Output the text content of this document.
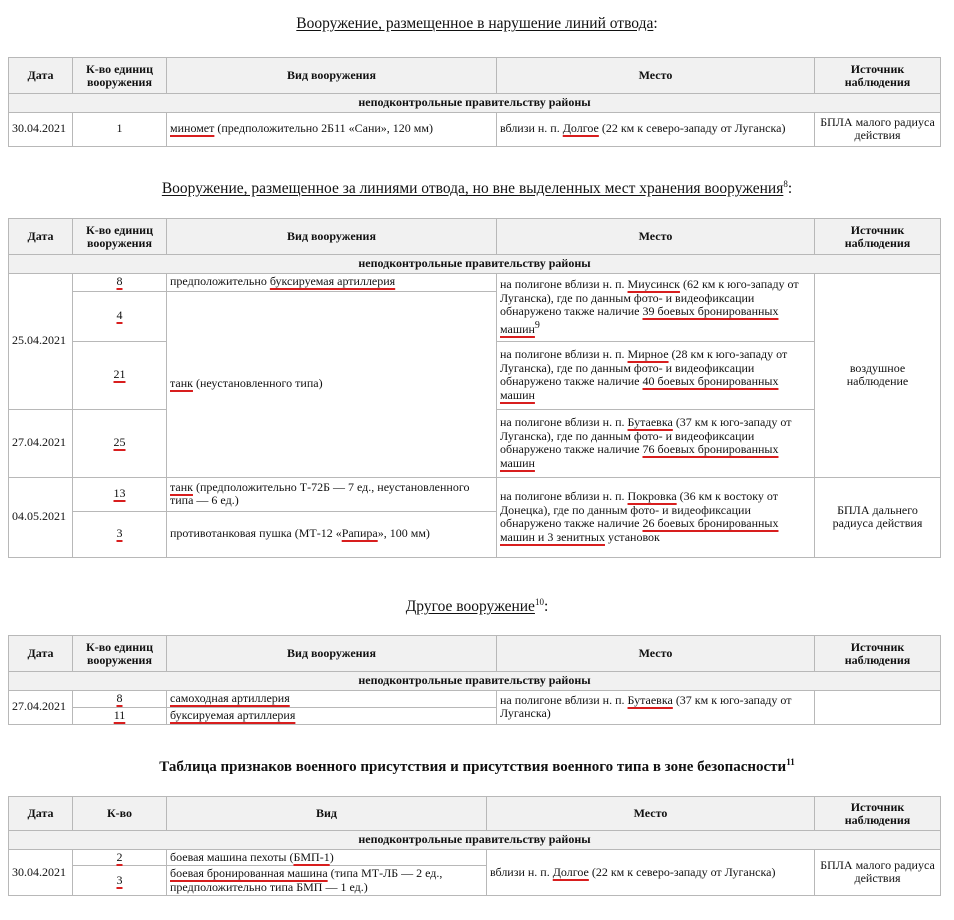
Вооружение, размещенное в нарушение линий отвода:

Дата	К-во единиц вооружения	Вид вооружения	Место	Источник наблюдения
неподконтрольные правительству районы				
30.04.2021	1	миномет (предположительно 2Б11 «Сани», 120 мм)	вблизи н. п. Долгое (22 км к северо-западу от Луганска)	БПЛА малого радиуса действия

Вооружение, размещенное за линиями отвода, но вне выделенных мест хранения вооружения$^8$:

Дата	К-во единиц вооружения	Вид вооружения	Место	Источник наблюдения
неподконтрольные правительству районы				
25.04.2021	8	предположительно буксируемая артиллерия	на полигоне вблизи н. п. Миусинск (62 км к юго-западу от Луганска), где по данным фото- и видеофиксации обнаружено также наличие 39 боевых бронированных машин$^9$	воздушное наблюдение
	4	танк (неустановленного типа)		
	21		на полигоне вблизи н. п. Мирное (28 км к юго-западу от Луганска), где по данным фото- и видеофиксации обнаружено также наличие 40 боевых бронированных машин	
27.04.2021	25		на полигоне вблизи н. п. Бутаевка (37 км к юго-западу от Луганска), где по данным фото- и видеофиксации обнаружено также наличие 76 боевых бронированных машин	
04.05.2021	13	танк (предположительно Т-72Б — 7 ед., неустановленного типа — 6 ед.)	на полигоне вблизи н. п. Покровка (36 км к востоку от Донецка), где по данным фото- и видеофиксации обнаружено также наличие 26 боевых бронированных машин и 3 зенитных установок	БПЛА дальнего радиуса действия
	3	противотанковая пушка (МТ-12 «Рапира», 100 мм)		

Другое вооружение$^{10}$:

Дата	К-во единиц вооружения	Вид вооружения	Место	Источник наблюдения
неподконтрольные правительству районы				
27.04.2021	8	самоходная артиллерия	на полигоне вблизи н. п. Бутаевка (37 км к юго-западу от Луганска)	
	11	буксируемая артиллерия		

Таблица признаков военного присутствия и присутствия военного типа в зоне безопасности$^{11}$

Дата	К-во	Вид	Место	Источник наблюдения
неподконтрольные правительству районы				
30.04.2021	2	боевая машина пехоты (БМП-1)	вблизи н. п. Долгое (22 км к северо-западу от Луганска)	БПЛА малого радиуса действия
	3	боевая бронированная машина (типа МТ-ЛБ — 2 ед., предположительно типа БМП — 1 ед.)		
